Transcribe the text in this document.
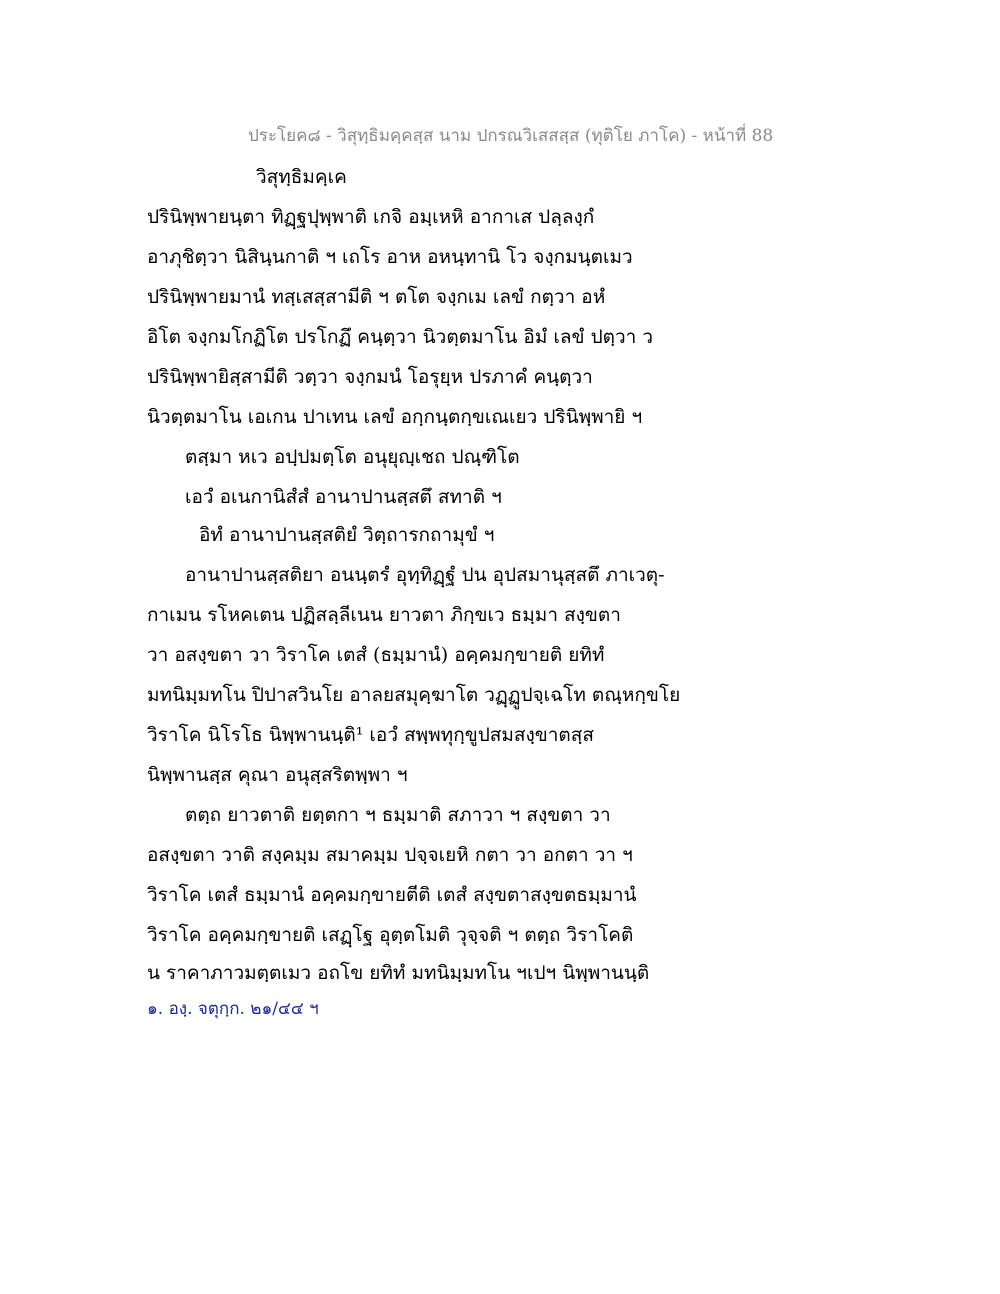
ประโยค๘ - วิสุทฺธิมคฺคสฺส นาม ปกรณวิเสสสฺส (ทุติโย ภาโค) - หน้าที่ 88
วิสุทฺธิมคฺเค
ปรินิพฺพายนฺตา ทิฏฺฐปุพฺพาติ เกจิ อมฺเหหิ อากาเส ปลฺลงฺกํ
อาภุชิตฺวา นิสินฺนกาติ ฯ เถโร อาห อหนฺทานิ โว จงฺกมนฺตเมว
ปรินิพฺพายมานํ ทสฺเสสฺสามีติ ฯ ตโต จงฺกเม เลขํ กตฺวา อหํ
อิโต จงฺกมโกฏิโต ปรโกฏึ คนฺตฺวา นิวตฺตมาโน อิมํ เลขํ ปตฺวา ว
ปรินิพฺพายิสฺสามีติ วตฺวา จงฺกมนํ โอรุยฺห ปรภาคํ คนฺตฺวา
นิวตฺตมาโน เอเกน ปาเทน เลขํ อกฺกนฺตกฺขเณเยว ปรินิพฺพายิ ฯ
ตสฺมา หเว อปฺปมตฺโต อนุยุญฺเชถ ปณฺฑิโต
เอวํ อเนกานิสํสํ อานาปานสฺสตึ สทาติ ฯ
อิทํ อานาปานสฺสติยํ วิตฺถารกถามุขํ ฯ
อานาปานสฺสติยา อนนฺตรํ อุทฺทิฏฺฐํ ปน อุปสมานุสฺสตึ ภาเวตุ-
กาเมน รโหคเตน ปฏิสลฺลีเนน ยาวตา ภิกฺขเว ธมฺมา สงฺขตา
วา อสงฺขตา วา วิราโค เตสํ (ธมฺมานํ) อคฺคมกฺขายติ ยทิทํ
มทนิมฺมทโน ปิปาสวินโย อาลยสมุคฺฆาโต วฏฺฏูปจฺเฉโท ตณฺหกฺขโย
วิราโค นิโรโธ นิพฺพานนฺติ¹ เอวํ สพฺพทุกฺขูปสมสงฺขาตสฺส
นิพฺพานสฺส คุณา อนุสฺสริตพฺพา ฯ
ตตฺถ ยาวตาติ ยตฺตกา ฯ ธมฺมาติ สภาวา ฯ สงฺขตา วา
อสงฺขตา วาติ สงฺคมฺม สมาคมฺม ปจฺจเยหิ กตา วา อกตา วา ฯ
วิราโค เตสํ ธมฺมานํ อคฺคมกฺขายตีติ เตสํ สงฺขตาสงฺขตธมฺมานํ
วิราโค อคฺคมกฺขายติ เสฏฺโฐ อุตฺตโมติ วุจฺจติ ฯ ตตฺถ วิราโคติ
น ราคาภาวมตฺตเมว อถโข ยทิทํ มทนิมฺมทโน ฯเปฯ นิพฺพานนฺติ
๑. องฺ. จตุกฺก. ๒๑/๔๔ ฯ
